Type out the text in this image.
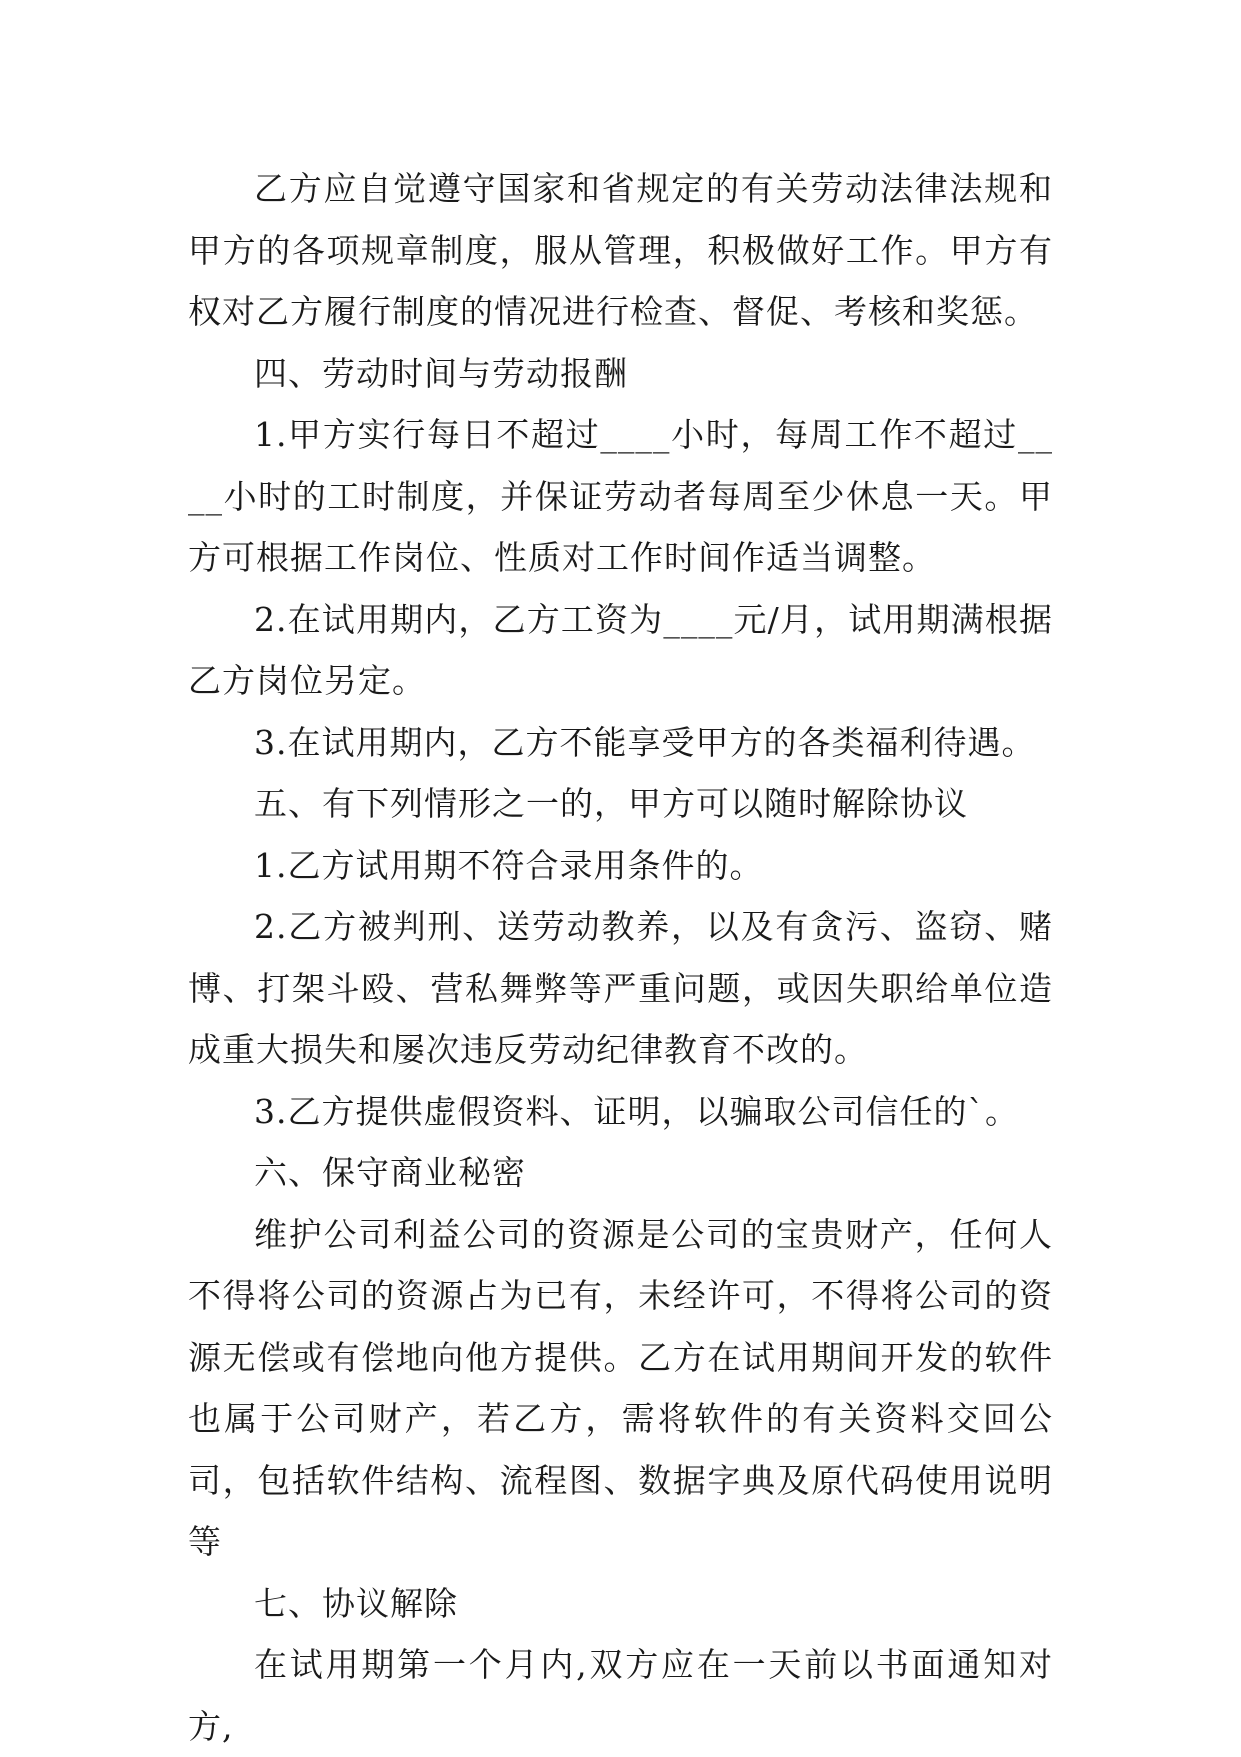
乙方应自觉遵守国家和省规定的有关劳动法律法规和甲方的各项规章制度，服从管理，积极做好工作。甲方有权对乙方履行制度的情况进行检查、督促、考核和奖惩。

四、劳动时间与劳动报酬

1.甲方实行每日不超过____小时，每周工作不超过____小时的工时制度，并保证劳动者每周至少休息一天。甲方可根据工作岗位、性质对工作时间作适当调整。

2.在试用期内，乙方工资为____元/月，试用期满根据乙方岗位另定。

3.在试用期内，乙方不能享受甲方的各类福利待遇。

五、有下列情形之一的，甲方可以随时解除协议

1.乙方试用期不符合录用条件的。

2.乙方被判刑、送劳动教养，以及有贪污、盗窃、赌博、打架斗殴、营私舞弊等严重问题，或因失职给单位造成重大损失和屡次违反劳动纪律教育不改的。

3.乙方提供虚假资料、证明，以骗取公司信任的`。

六、保守商业秘密

维护公司利益公司的资源是公司的宝贵财产，任何人不得将公司的资源占为已有，未经许可，不得将公司的资源无偿或有偿地向他方提供。乙方在试用期间开发的软件也属于公司财产，若乙方，需将软件的有关资料交回公司，包括软件结构、流程图、数据字典及原代码使用说明等

七、协议解除

在试用期第一个月内,双方应在一天前以书面通知对方,
